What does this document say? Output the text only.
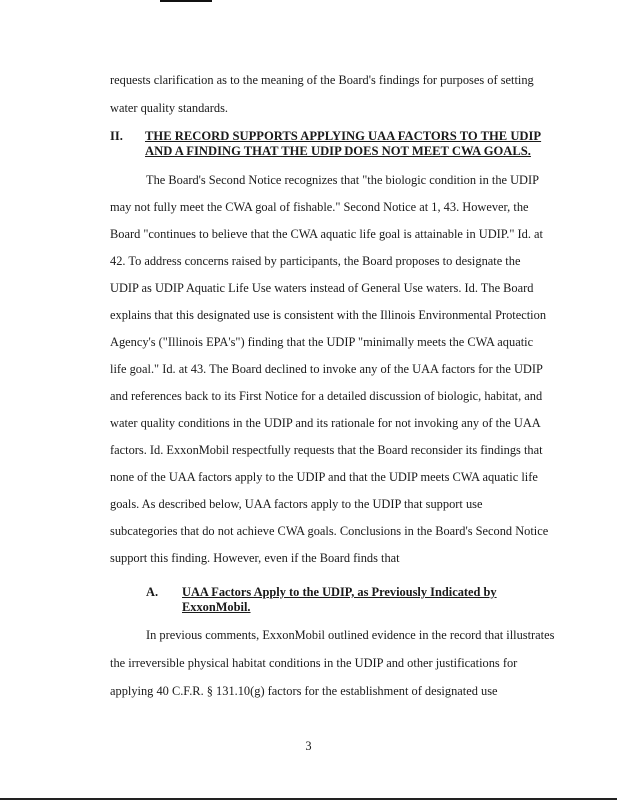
requests clarification as to the meaning of the Board's findings for purposes of setting
water quality standards.
II. THE RECORD SUPPORTS APPLYING UAA FACTORS TO THE UDIP
AND A FINDING THAT THE UDIP DOES NOT MEET CWA GOALS.
The Board's Second Notice recognizes that "the biologic condition in the UDIP
may not fully meet the CWA goal of fishable." Second Notice at 1, 43. However, the
Board "continues to believe that the CWA aquatic life goal is attainable in UDIP." Id. at
42. To address concerns raised by participants, the Board proposes to designate the
UDIP as UDIP Aquatic Life Use waters instead of General Use waters. Id. The Board
explains that this designated use is consistent with the Illinois Environmental Protection
Agency's ("Illinois EPA's") finding that the UDIP "minimally meets the CWA aquatic
life goal." Id. at 43. The Board declined to invoke any of the UAA factors for the UDIP
and references back to its First Notice for a detailed discussion of biologic, habitat, and
water quality conditions in the UDIP and its rationale for not invoking any of the UAA
factors. Id. ExxonMobil respectfully requests that the Board reconsider its findings that
none of the UAA factors apply to the UDIP and that the UDIP meets CWA aquatic life
goals. As described below, UAA factors apply to the UDIP that support use
subcategories that do not achieve CWA goals. Conclusions in the Board's Second Notice
support this finding. However, even if the Board finds that
A. UAA Factors Apply to the UDIP, as Previously Indicated by
ExxonMobil.
In previous comments, ExxonMobil outlined evidence in the record that illustrates
the irreversible physical habitat conditions in the UDIP and other justifications for
applying 40 C.F.R. § 131.10(g) factors for the establishment of designated use
3
